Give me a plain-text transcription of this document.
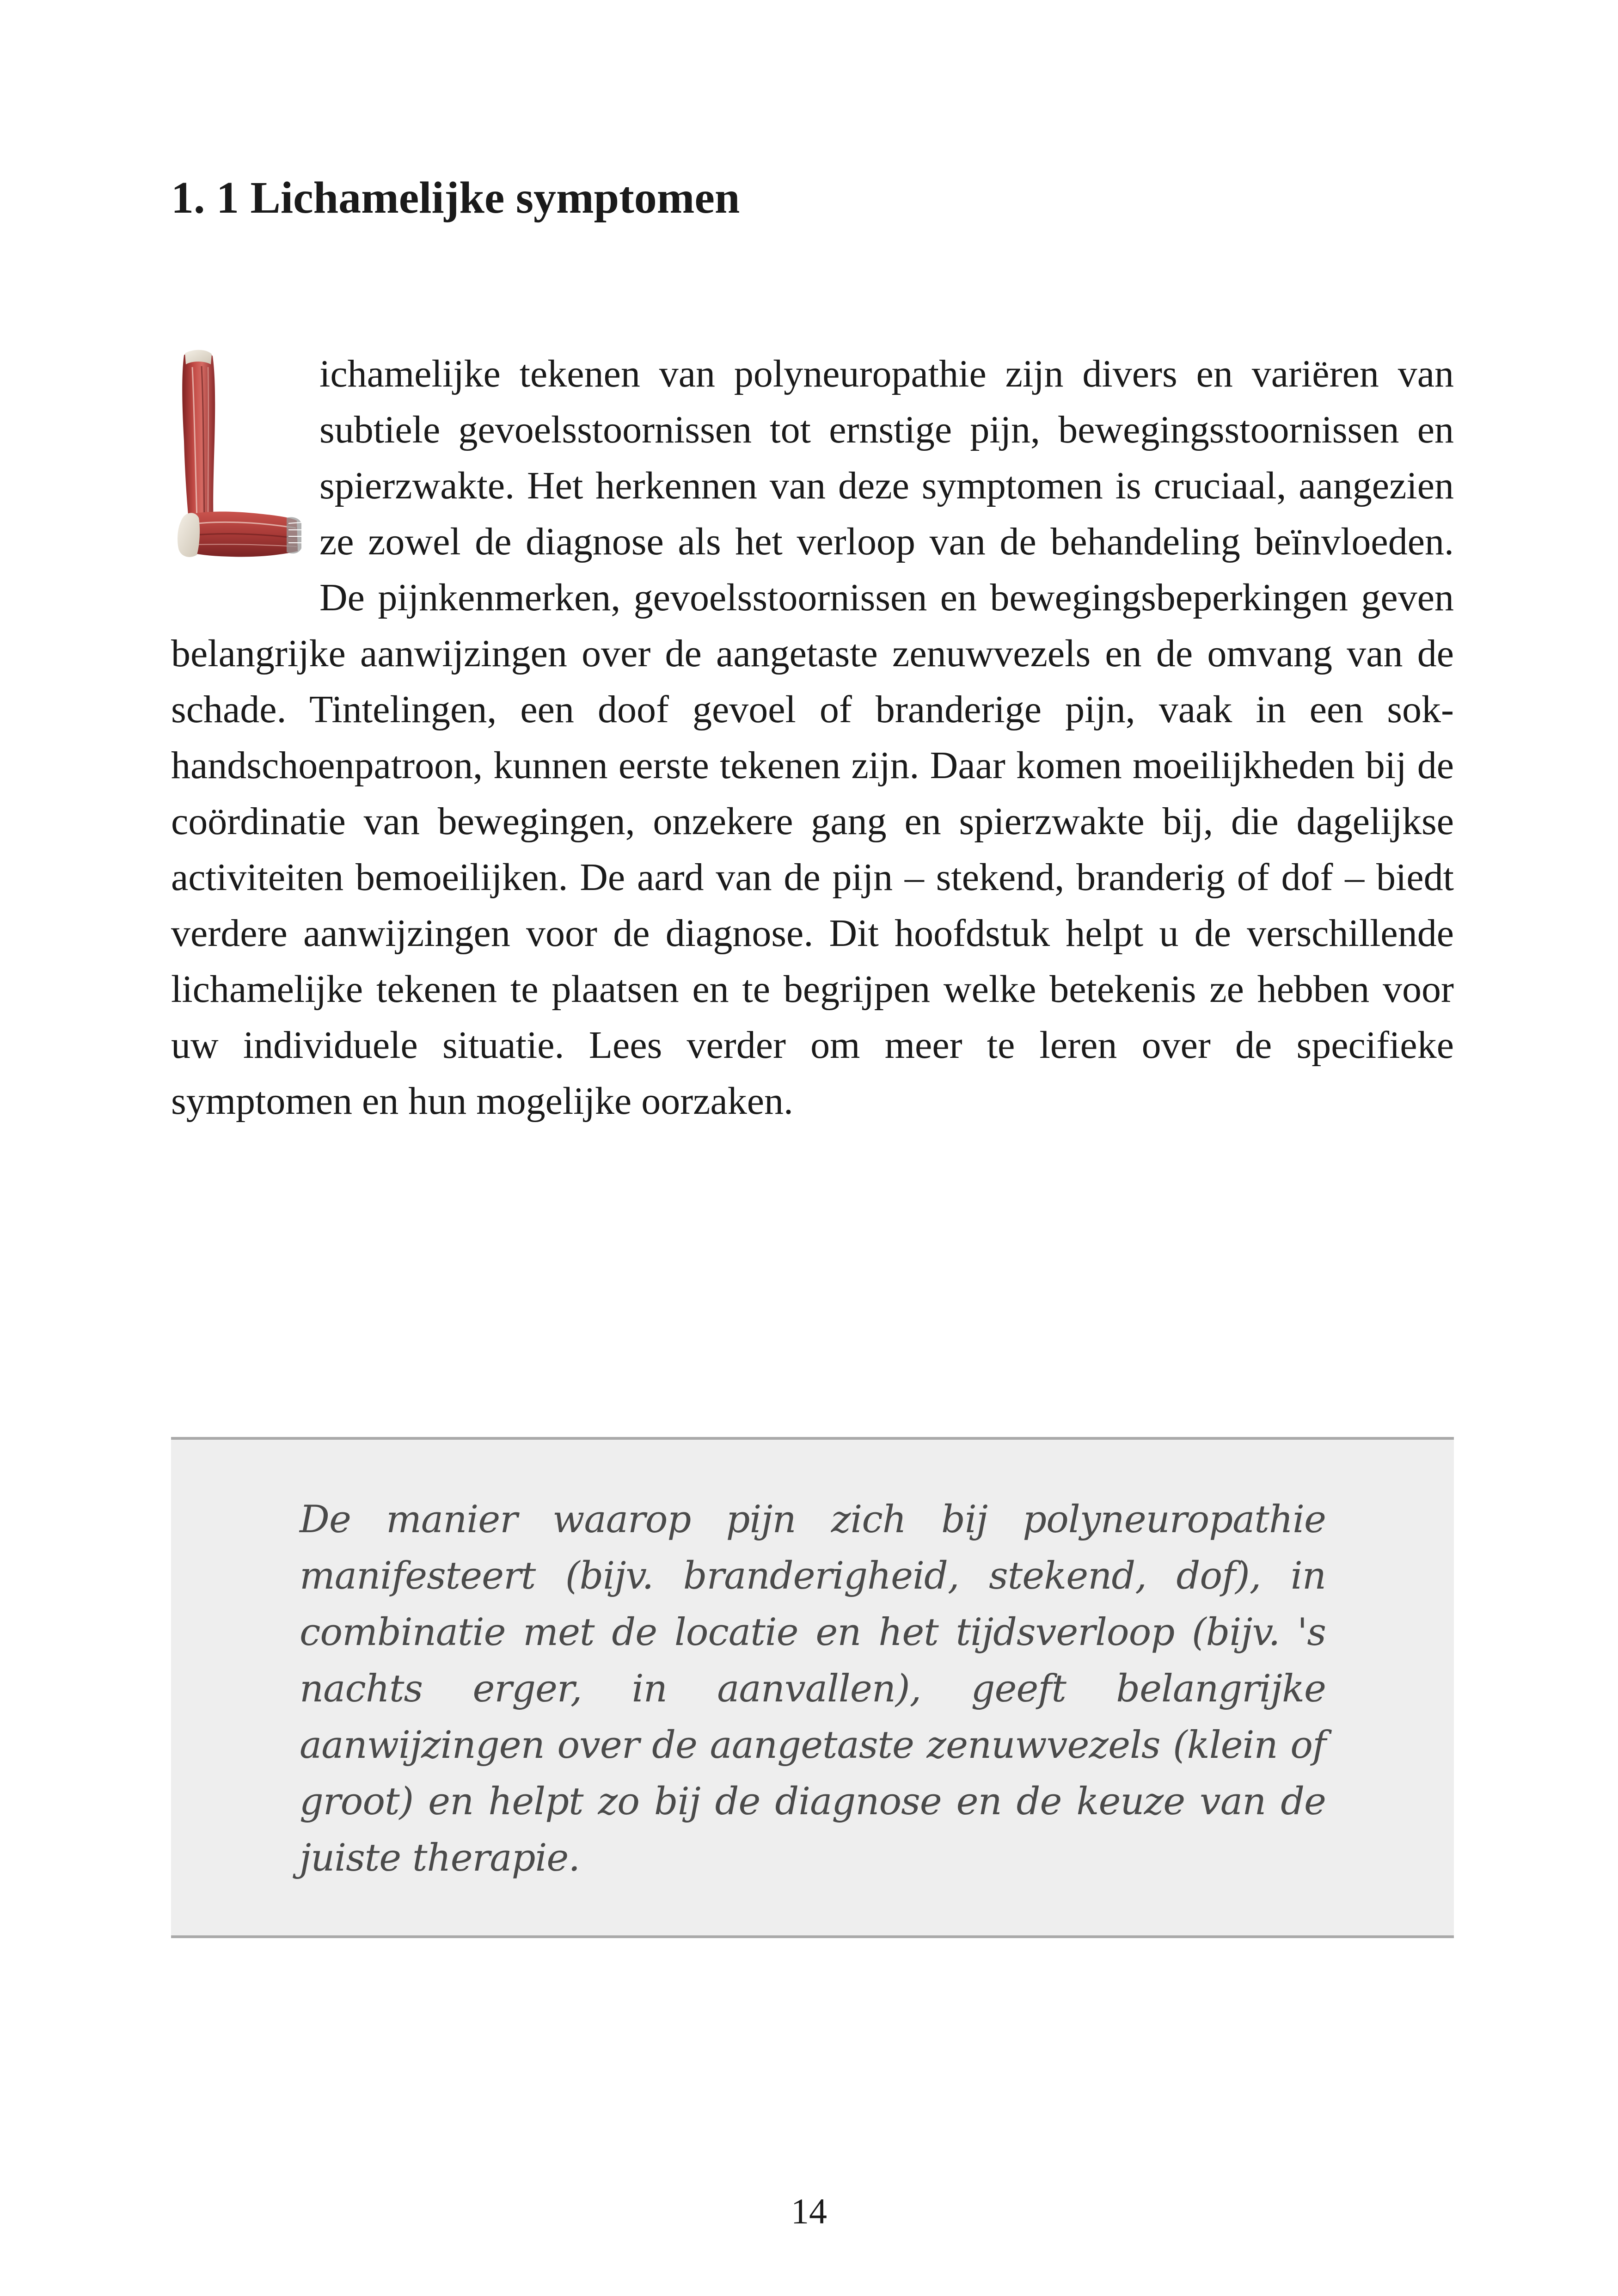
1. 1 Lichamelijke symptomen

ichamelijke tekenen van polyneuropathie zijn divers en variëren van subtiele gevoelsstoornissen tot ernstige pijn, bewegingsstoornissen en spierzwakte. Het herkennen van deze symptomen is cruciaal, aangezien ze zowel de diagnose als het verloop van de behandeling beïnvloeden. De pijnkenmerken, gevoelsstoornissen en bewegingsbeperkingen geven belangrijke aanwijzingen over de aangetaste zenuwvezels en de omvang van de schade. Tintelingen, een doof gevoel of branderige pijn, vaak in een sok-handschoenpatroon, kunnen eerste tekenen zijn. Daar komen moeilijkheden bij de coördinatie van bewegingen, onzekere gang en spierzwakte bij, die dagelijkse activiteiten bemoeilijken. De aard van de pijn – stekend, branderig of dof – biedt verdere aanwijzingen voor de diagnose. Dit hoofdstuk helpt u de verschillende lichamelijke tekenen te plaatsen en te begrijpen welke betekenis ze hebben voor uw individuele situatie. Lees verder om meer te leren over de specifieke symptomen en hun mogelijke oorzaken.

De manier waarop pijn zich bij polyneuropathie manifesteert (bijv. branderigheid, stekend, dof), in combinatie met de locatie en het tijdsverloop (bijv. 's nachts erger, in aanvallen), geeft belangrijke aanwijzingen over de aangetaste zenuwvezels (klein of groot) en helpt zo bij de diagnose en de keuze van de juiste therapie.

14
